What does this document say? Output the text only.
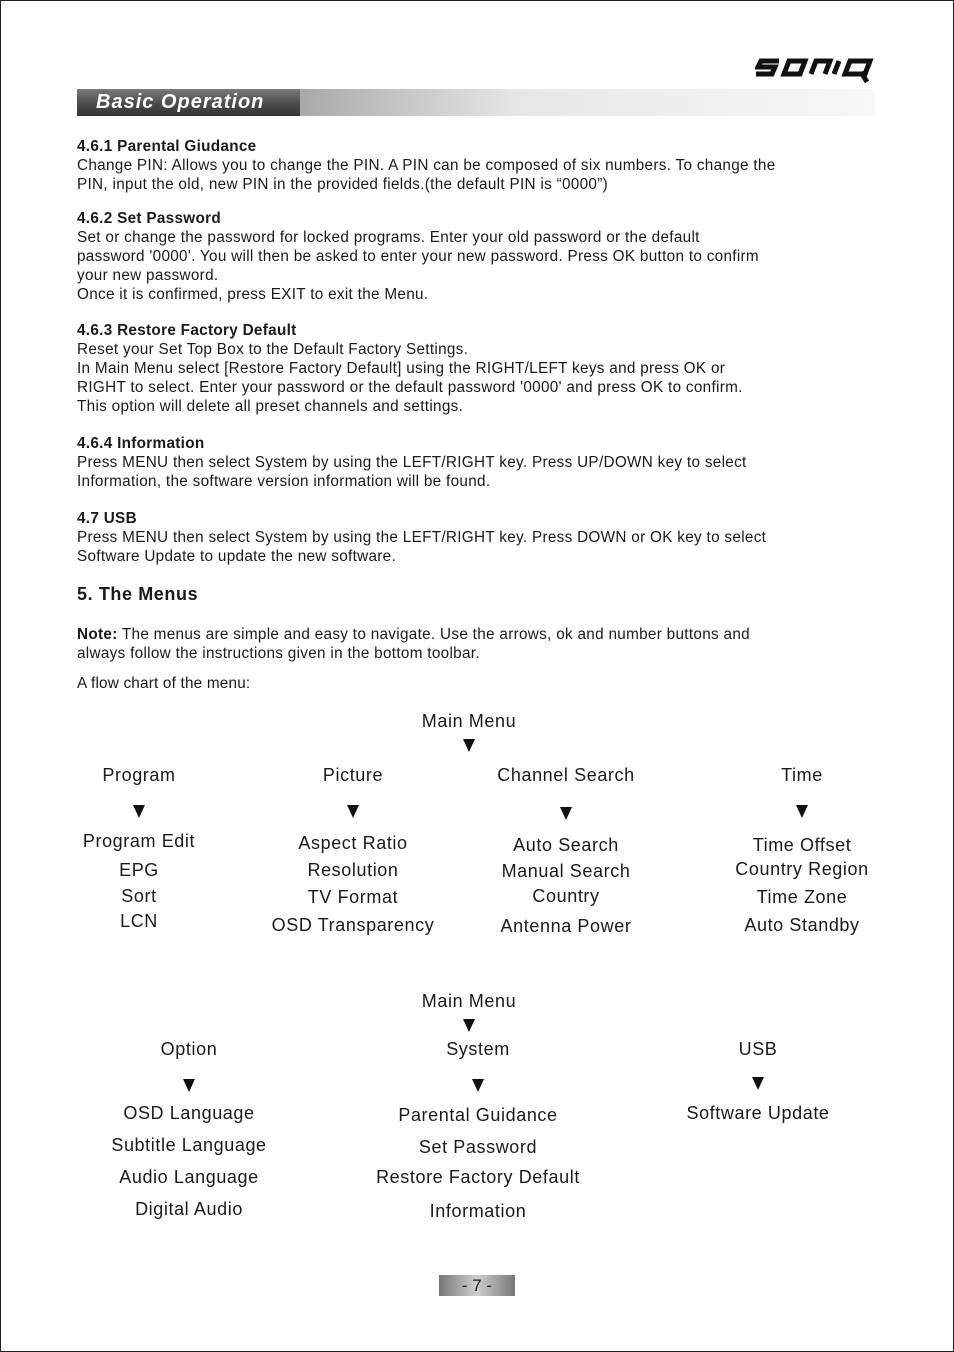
Basic Operation

4.6.1 Parental Giudance

Change PIN: Allows you to change the PIN. A PIN can be composed of six numbers. To change the

PIN, input the old, new PIN in the provided fields.(the default PIN is “0000”)

4.6.2 Set Password

Set or change the password for locked programs. Enter your old password or the default

password '0000'. You will then be asked to enter your new password. Press OK button to confirm

your new password.

Once it is confirmed, press EXIT to exit the Menu.

4.6.3 Restore Factory Default

Reset your Set Top Box to the Default Factory Settings.

In Main Menu select [Restore Factory Default] using the RIGHT/LEFT keys and press OK or

RIGHT to select. Enter your password or the default password '0000' and press OK to confirm.

This option will delete all preset channels and settings.

4.6.4 Information

Press MENU then select System by using the LEFT/RIGHT key. Press UP/DOWN key to select

Information, the software version information will be found.

4.7 USB

Press MENU then select System by using the LEFT/RIGHT key. Press DOWN or OK key to select

Software Update to update the new software.

5. The Menus
Note: The menus are simple and easy to navigate. Use the arrows, ok and number buttons and
always follow the instructions given in the bottom toolbar.
A flow chart of the menu:
Main Menu
Program	Picture	Channel Search	Time
Program Edit
EPG
Sort
LCN
Aspect Ratio
Resolution
TV Format
OSD Transparency
Auto Search
Manual Search
Country
Antenna Power
Time Offset
Country Region
Time Zone
Auto Standby
Main Menu
Option	System	USB
OSD Language
Subtitle Language
Audio Language
Digital Audio
Parental Guidance
Set Password
Restore Factory Default
Information
Software Update
- 7 -
